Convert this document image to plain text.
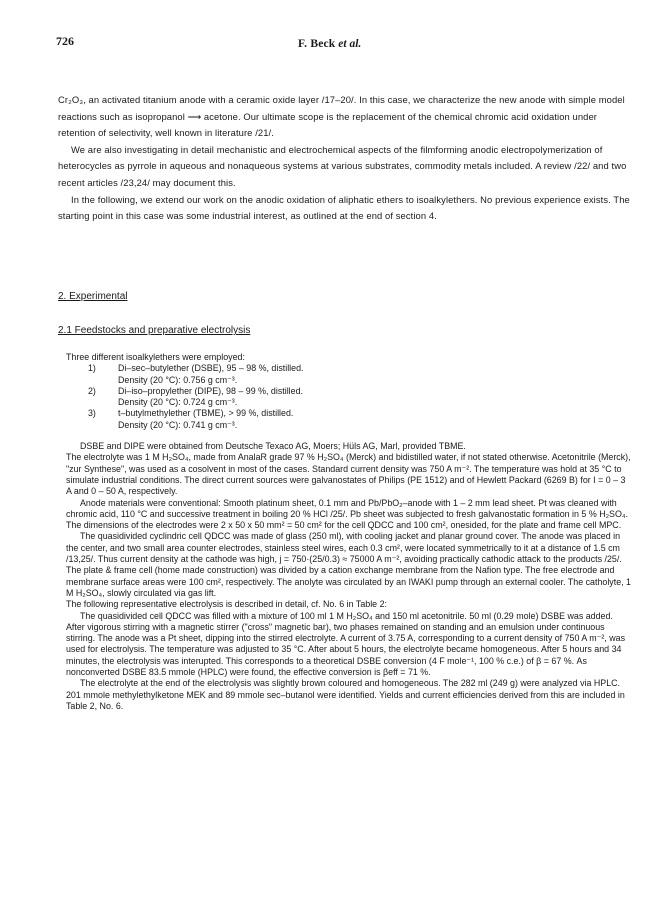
726	F. Beck et al.

Cr₂O₃, an activated titanium anode with a ceramic oxide layer /17–20/. In this case, we characterize the new anode with simple model reactions such as isopropanol ⟶ acetone. Our ultimate scope is the replacement of the chemical chromic acid oxidation under retention of selectivity, well known in literature /21/.

We are also investigating in detail mechanistic and electrochemical aspects of the filmforming anodic electropolymerization of heterocycles as pyrrole in aqueous and nonaqueous systems at various substrates, commodity metals included. A review /22/ and two recent articles /23,24/ may document this.

In the following, we extend our work on the anodic oxidation of aliphatic ethers to isoalkylethers. No previous experience exists. The starting point in this case was some industrial interest, as outlined at the end of section 4.

2. Experimental
2.1 Feedstocks and preparative electrolysis

Three different isoalkylethers were employed:

1)	Di–sec–butylether (DSBE), 95 – 98 %, distilled.
Density (20 °C): 0.756 g cm⁻³.
2)	Di–iso–propylether (DIPE), 98 – 99 %, distilled.
Density (20 °C): 0.724 g cm⁻³.
3)	t–butylmethylether (TBME), > 99 %, distilled.
Density (20 °C): 0.741 g cm⁻³.

DSBE and DIPE were obtained from Deutsche Texaco AG, Moers; Hüls AG, Marl, provided TBME.

The electrolyte was 1 M H₂SO₄, made from AnalaR grade 97 % H₂SO₄ (Merck) and bidistilled water, if not stated otherwise. Acetonitrile (Merck), "zur Synthese", was used as a cosolvent in most of the cases. Standard current density was 750 A m⁻². The temperature was hold at 35 °C to simulate industrial conditions. The direct current sources were galvanostates of Philips (PE 1512) and of Hewlett Packard (6269 B) for I = 0 – 3 A and 0 – 50 A, respectively.

Anode materials were conventional: Smooth platinum sheet, 0.1 mm and Pb/PbO₂–anode with 1 – 2 mm lead sheet. Pt was cleaned with chromic acid, 110 °C and successive treatment in boiling 20 % HCl /25/. Pb sheet was subjected to fresh galvanostatic formation in 5 % H₂SO₄. The dimensions of the electrodes were 2 x 50 x 50 mm² = 50 cm² for the cell QDCC and 100 cm², onesided, for the plate and frame cell MPC.

The quasidivided cyclindric cell QDCC was made of glass (250 ml), with cooling jacket and planar ground cover. The anode was placed in the center, and two small area counter electrodes, stainless steel wires, each 0.3 cm², were located symmetrically to it at a distance of 1.5 cm /13,25/. Thus current density at the cathode was high, j = 750·(25/0.3) ≈ 75000 A m⁻², avoiding practically cathodic attack to the products /25/. The plate & frame cell (home made construction) was divided by a cation exchange membrane from the Nafion type. The free electrode and membrane surface areas were 100 cm², respectively. The anolyte was circulated by an IWAKI pump through an external cooler. The catholyte, 1 M H₂SO₄, slowly circulated via gas lift.

The following representative electrolysis is described in detail, cf. No. 6 in Table 2:

The quasidivided cell QDCC was filled with a mixture of 100 ml 1 M H₂SO₄ and 150 ml acetonitrile. 50 ml (0.29 mole) DSBE was added. After vigorous stirring with a magnetic stirrer ("cross" magnetic bar), two phases remained on standing and an emulsion under continuous stirring. The anode was a Pt sheet, dipping into the stirred electrolyte. A current of 3.75 A, corresponding to a current density of 750 A m⁻², was used for electrolysis. The temperature was adjusted to 35 °C. After about 5 hours, the electrolyte became homogeneous. After 5 hours and 34 minutes, the electrolysis was interupted. This corresponds to a theoretical DSBE conversion (4 F mole⁻¹, 100 % c.e.) of β = 67 %. As nonconverted DSBE 83.5 mmole (HPLC) were found, the effective conversion is βeff = 71 %.

The electrolyte at the end of the electrolysis was slightly brown coloured and homogeneous. The 282 ml (249 g) were analyzed via HPLC. 201 mmole methylethylketone MEK and 89 mmole sec–butanol were identified. Yields and current efficiencies derived from this are included in Table 2, No. 6.
